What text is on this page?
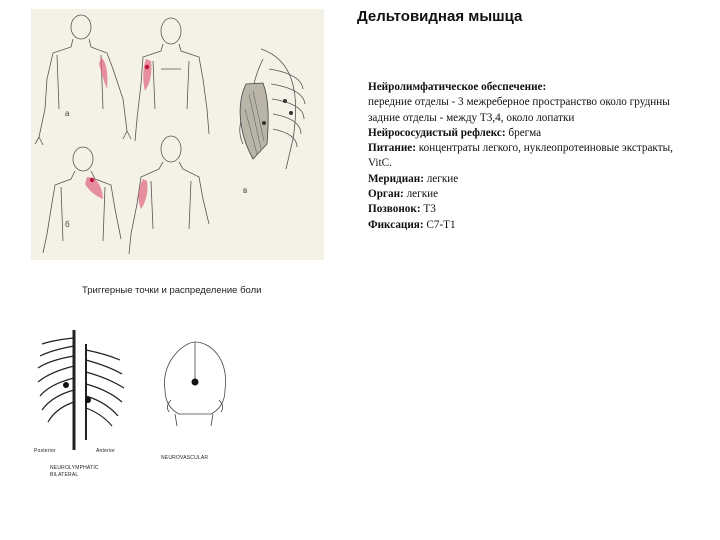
Дельтовидная мышца
а
б
в
Триггерные точки и распределение боли

Нейролимфатическое обеспечение:

передние отделы - 3 межреберное пространство около груднны

задние отделы - между Т3,4, около лопатки

Нейрососудистый рефлекс: брегма

Питание: концентраты легкого, нуклеопротеиновые экстракты, VitC.

Меридиан: легкие

Орган: легкие

Позвонок: Т3

Фиксация: С7-Т1

Posterior	Anterior
NEUROLYMPHATIC
BILATERAL
NEUROVASCULAR
